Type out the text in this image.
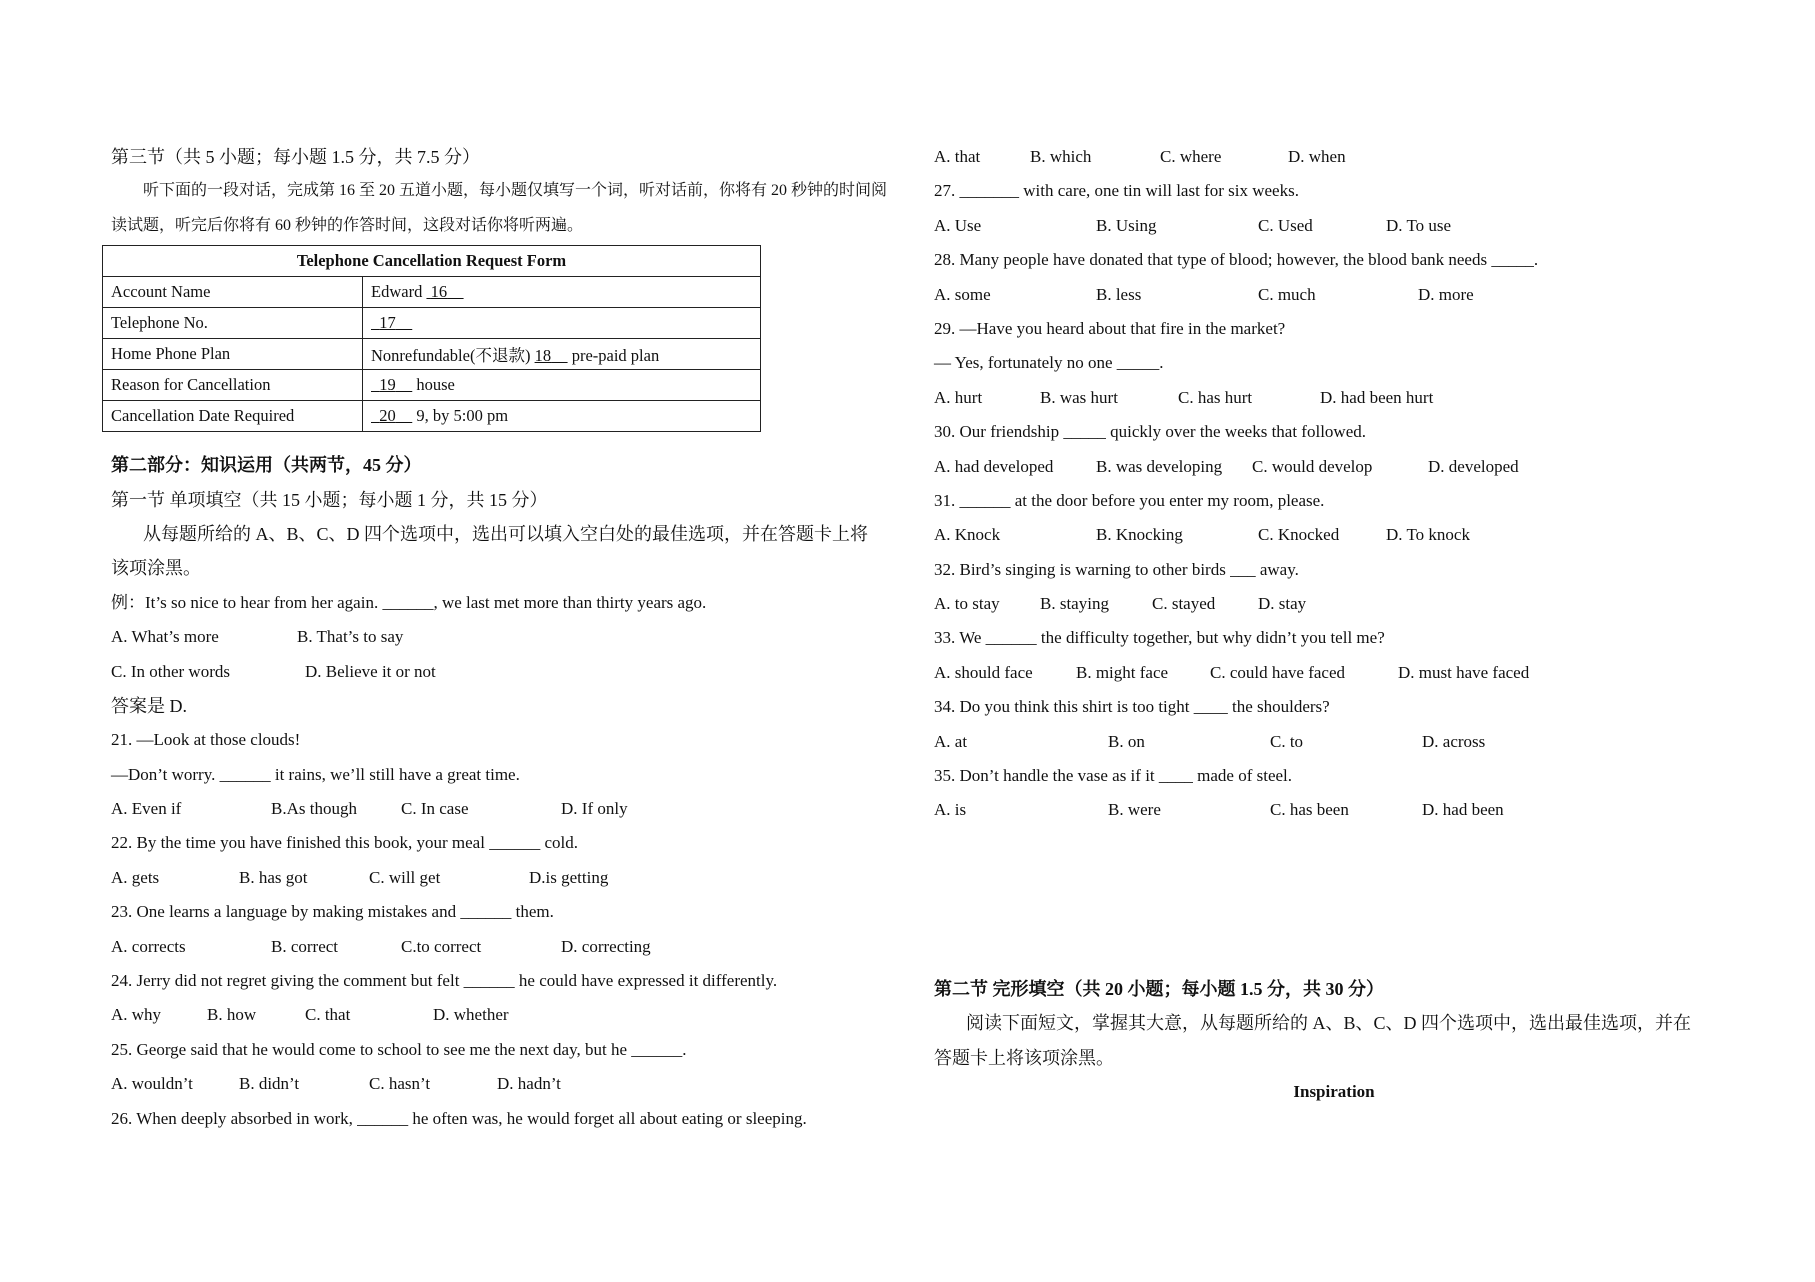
第三节（共 5 小题；每小题 1.5 分，共 7.5 分）
听下面的一段对话，完成第 16 至 20 五道小题，每小题仅填写一个词，听对话前，你将有 20 秒钟的时间阅
读试题，听完后你将有 60 秒钟的作答时间，这段对话你将听两遍。
Telephone Cancellation Request Form	
Account Name	Edward  16
Telephone No.	17
Home Phone Plan	Nonrefundable(不退款) 18     pre-paid plan
Reason for Cancellation	19     house
Cancellation Date Required	20     9, by 5:00 pm
第二部分：知识运用（共两节，45 分）
第一节 单项填空（共 15 小题；每小题 1 分，共 15 分）
从每题所给的 A、B、C、D 四个选项中，选出可以填入空白处的最佳选项，并在答题卡上将
该项涂黑。
例：It’s so nice to hear from her again. ______, we last met more than thirty years ago.
A. What’s more	B. That’s to say
C. In other words	D. Believe it or not
答案是 D.
21. —Look at those clouds!
—Don’t worry. ______ it rains, we’ll still have a great time.
A. Even if	B.As though	C. In case	D. If only
22. By the time you have finished this book, your meal ______ cold.
A. gets	B. has got	C. will get	D.is getting
23. One learns a language by making mistakes and ______ them.
A. corrects	B. correct	C.to correct	D. correcting
24. Jerry did not regret giving the comment but felt ______ he could have expressed it differently.
A. why	B. how	C. that	D. whether
25. George said that he would come to school to see me the next day, but he ______.
A. wouldn’t	B. didn’t	C. hasn’t	D. hadn’t
26. When deeply absorbed in work, ______ he often was, he would forget all about eating or sleeping.
A. that	B. which	C. where	D. when
27. _______ with care, one tin will last for six weeks.
A. Use	B. Using	C. Used	D. To use
28. Many people have donated that type of blood; however, the blood bank needs _____.
A. some	B. less	C. much	D. more
29. —Have you heard about that fire in the market?
— Yes, fortunately no one _____.
A. hurt	B. was hurt	C. has hurt	D. had been hurt
30. Our friendship _____ quickly over the weeks that followed.
A. had developed	B. was developing C. would develop	D. developed
31. ______ at the door before you enter my room, please.
A. Knock	B. Knocking	C. Knocked	D. To knock
32. Bird’s singing is warning to other birds ___ away.
A. to stay B. staying	C. stayed	D. stay
33. We ______ the difficulty together, but why didn’t you tell me?
A. should face	B. might face C. could have faced	D. must have faced
34. Do you think this shirt is too tight ____ the shoulders?
A. at	B. on	C. to	D. across
35. Don’t handle the vase as if it ____ made of steel.
A. is	B. were	C. has been	D. had been
第二节 完形填空（共 20 小题；每小题 1.5 分，共 30 分）
阅读下面短文，掌握其大意，从每题所给的 A、B、C、D 四个选项中，选出最佳选项，并在
答题卡上将该项涂黑。
Inspiration
